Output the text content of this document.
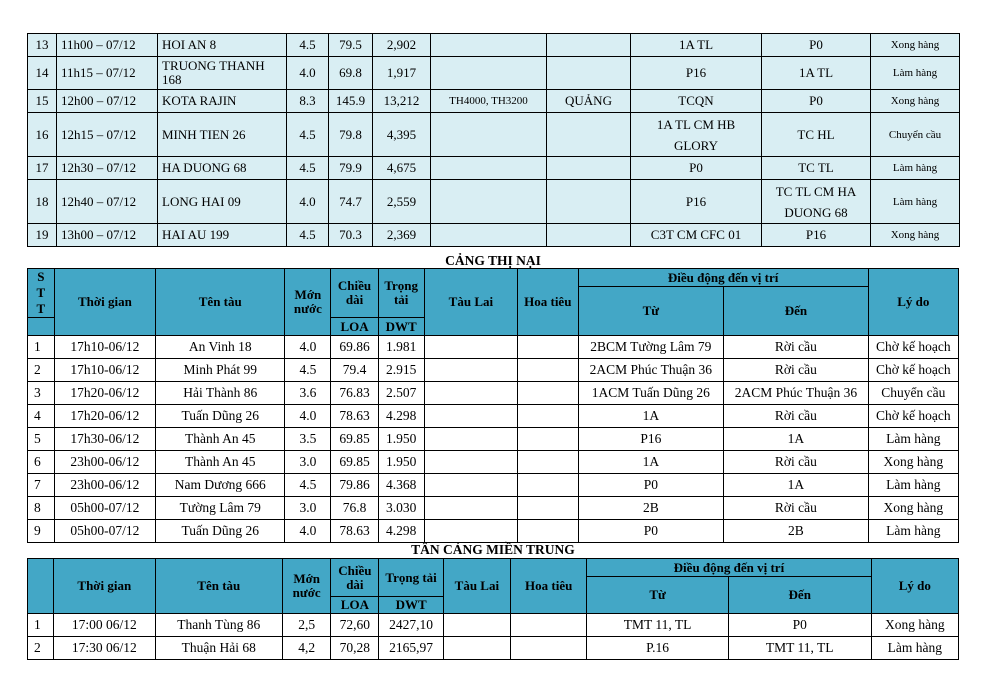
13	11h00 – 07/12	HOI AN 8	4.5	79.5	2,902			1A TL	P0	Xong hàng
14	11h15 – 07/12	TRUONG THANH 168	4.0	69.8	1,917			P16	1A TL	Làm hàng
15	12h00 – 07/12	KOTA RAJIN	8.3	145.9	13,212	TH4000, TH3200	QUẢNG	TCQN	P0	Xong hàng
16	12h15 – 07/12	MINH TIEN 26	4.5	79.8	4,395			1A TL CM HB GLORY	TC HL	Chuyển cầu
17	12h30 – 07/12	HA DUONG 68	4.5	79.9	4,675			P0	TC TL	Làm hàng
18	12h40 – 07/12	LONG HAI 09	4.0	74.7	2,559			P16	TC TL CM HA DUONG 68	Làm hàng
19	13h00 – 07/12	HAI AU 199	4.5	70.3	2,369			C3T CM CFC 01	P16	Xong hàng
CẢNG THỊ NẠI
STT	Thời gian	Tên tàu	Mớn nước	Chiều dài	Trọng tải	Tàu Lai	Hoa tiêu	Điều động đến vị trí		Lý do
								Từ	Đến	
				LOA	DWT					
1	17h10-06/12	An Vinh 18	4.0	69.86	1.981			2BCM Tường Lâm 79	Rời cầu	Chờ kế hoạch
2	17h10-06/12	Minh Phát 99	4.5	79.4	2.915			2ACM Phúc Thuận 36	Rời cầu	Chờ kế hoạch
3	17h20-06/12	Hải Thành 86	3.6	76.83	2.507			1ACM Tuấn Dũng 26	2ACM Phúc Thuận 36	Chuyển cầu
4	17h20-06/12	Tuấn Dũng 26	4.0	78.63	4.298			1A	Rời cầu	Chờ kế hoạch
5	17h30-06/12	Thành An 45	3.5	69.85	1.950			P16	1A	Làm hàng
6	23h00-06/12	Thành An 45	3.0	69.85	1.950			1A	Rời cầu	Xong hàng
7	23h00-06/12	Nam Dương 666	4.5	79.86	4.368			P0	1A	Làm hàng
8	05h00-07/12	Tường Lâm 79	3.0	76.8	3.030			2B	Rời cầu	Xong hàng
9	05h00-07/12	Tuấn Dũng 26	4.0	78.63	4.298			P0	2B	Làm hàng
TÂN CẢNG MIỀN TRUNG
	Thời gian	Tên tàu	Mớn nước	Chiều dài	Trọng tải	Tàu Lai	Hoa tiêu	Điều động đến vị trí		Lý do
								Từ	Đến	
				LOA	DWT					
1	17:00 06/12	Thanh Tùng 86	2,5	72,60	2427,10			TMT 11, TL	P0	Xong hàng
2	17:30 06/12	Thuận Hải 68	4,2	70,28	2165,97			P.16	TMT 11, TL	Làm hàng
